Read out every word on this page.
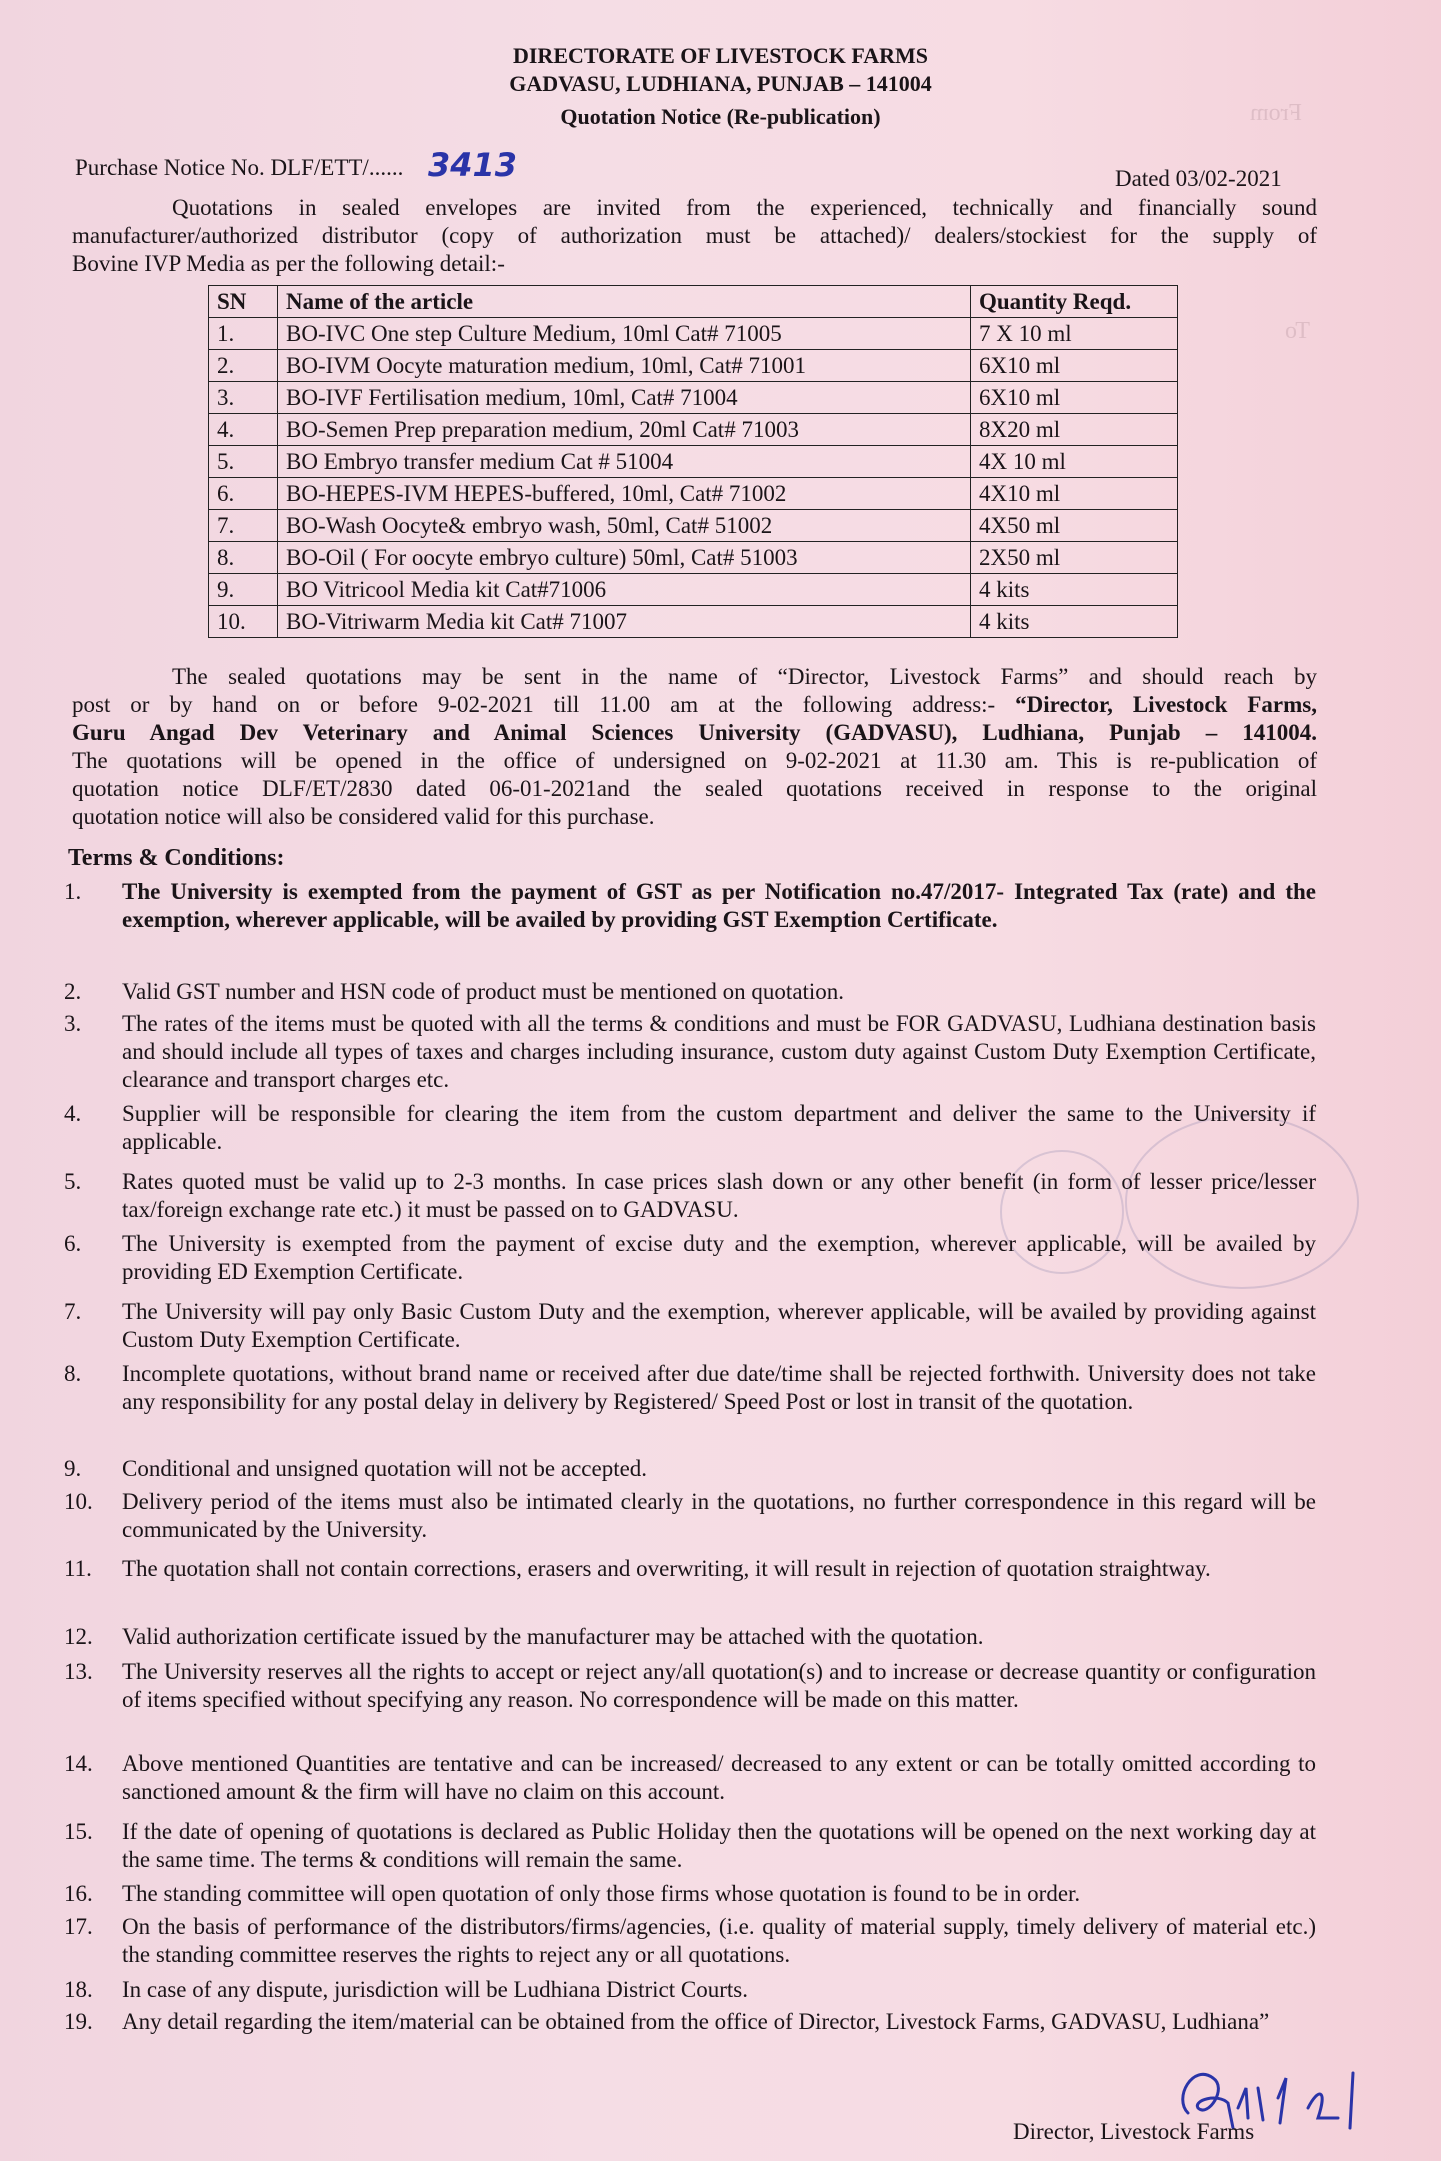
From
To
DIRECTORATE OF LIVESTOCK FARMS
GADVASU, LUDHIANA, PUNJAB – 141004
Quotation Notice (Re-publication)
Purchase Notice No. DLF/ETT/...... 3413	Dated 03/02-2021
Quotations in sealed envelopes are invited from the experienced, technically and financially sound
manufacturer/authorized distributor (copy of authorization must be attached)/ dealers/stockiest for the supply of
Bovine IVP Media as per the following detail:-
SN	Name of the article	Quantity Reqd.
1.	BO-IVC One step Culture Medium, 10ml Cat# 71005	7 X 10 ml
2.	BO-IVM Oocyte maturation medium, 10ml, Cat# 71001	6X10 ml
3.	BO-IVF Fertilisation medium, 10ml, Cat# 71004	6X10 ml
4.	BO-Semen Prep preparation medium, 20ml Cat# 71003	8X20 ml
5.	BO Embryo transfer medium Cat # 51004	4X 10 ml
6.	BO-HEPES-IVM HEPES-buffered, 10ml, Cat# 71002	4X10 ml
7.	BO-Wash Oocyte& embryo wash, 50ml, Cat# 51002	4X50 ml
8.	BO-Oil ( For oocyte embryo culture) 50ml, Cat# 51003	2X50 ml
9.	BO Vitricool Media kit Cat#71006	4 kits
10.	BO-Vitriwarm Media kit Cat# 71007	4 kits
The sealed quotations may be sent in the name of “Director, Livestock Farms” and should reach by
post or by hand on or before 9-02-2021 till 11.00 am at the following address:- “Director, Livestock Farms,
Guru Angad Dev Veterinary and Animal Sciences University (GADVASU), Ludhiana, Punjab – 141004.
The quotations will be opened in the office of undersigned on 9-02-2021 at 11.30 am. This is re-publication of
quotation notice DLF/ET/2830 dated 06-01-2021and the sealed quotations received in response to the original
quotation notice will also be considered valid for this purchase.
Terms & Conditions:
1. The University is exempted from the payment of GST as per Notification no.47/2017- Integrated Tax (rate) and the exemption, wherever applicable, will be availed by providing GST Exemption Certificate.
2. Valid GST number and HSN code of product must be mentioned on quotation.
3. The rates of the items must be quoted with all the terms & conditions and must be FOR GADVASU, Ludhiana destination basis and should include all types of taxes and charges including insurance, custom duty against Custom Duty Exemption Certificate, clearance and transport charges etc.
4. Supplier will be responsible for clearing the item from the custom department and deliver the same to the University if applicable.
5. Rates quoted must be valid up to 2-3 months. In case prices slash down or any other benefit (in form of lesser price/lesser tax/foreign exchange rate etc.) it must be passed on to GADVASU.
6. The University is exempted from the payment of excise duty and the exemption, wherever applicable, will be availed by providing ED Exemption Certificate.
7. The University will pay only Basic Custom Duty and the exemption, wherever applicable, will be availed by providing against Custom Duty Exemption Certificate.
8. Incomplete quotations, without brand name or received after due date/time shall be rejected forthwith. University does not take any responsibility for any postal delay in delivery by Registered/ Speed Post or lost in transit of the quotation.
9. Conditional and unsigned quotation will not be accepted.
10. Delivery period of the items must also be intimated clearly in the quotations, no further correspondence in this regard will be communicated by the University.
11. The quotation shall not contain corrections, erasers and overwriting, it will result in rejection of quotation straightway.
12. Valid authorization certificate issued by the manufacturer may be attached with the quotation.
13. The University reserves all the rights to accept or reject any/all quotation(s) and to increase or decrease quantity or configuration of items specified without specifying any reason. No correspondence will be made on this matter.
14. Above mentioned Quantities are tentative and can be increased/ decreased to any extent or can be totally omitted according to sanctioned amount & the firm will have no claim on this account.
15. If the date of opening of quotations is declared as Public Holiday then the quotations will be opened on the next working day at the same time. The terms & conditions will remain the same.
16. The standing committee will open quotation of only those firms whose quotation is found to be in order.
17. On the basis of performance of the distributors/firms/agencies, (i.e. quality of material supply, timely delivery of material etc.) the standing committee reserves the rights to reject any or all quotations.
18. In case of any dispute, jurisdiction will be Ludhiana District Courts.
19. Any detail regarding the item/material can be obtained from the office of Director, Livestock Farms, GADVASU, Ludhiana”
Director, Livestock Farms
